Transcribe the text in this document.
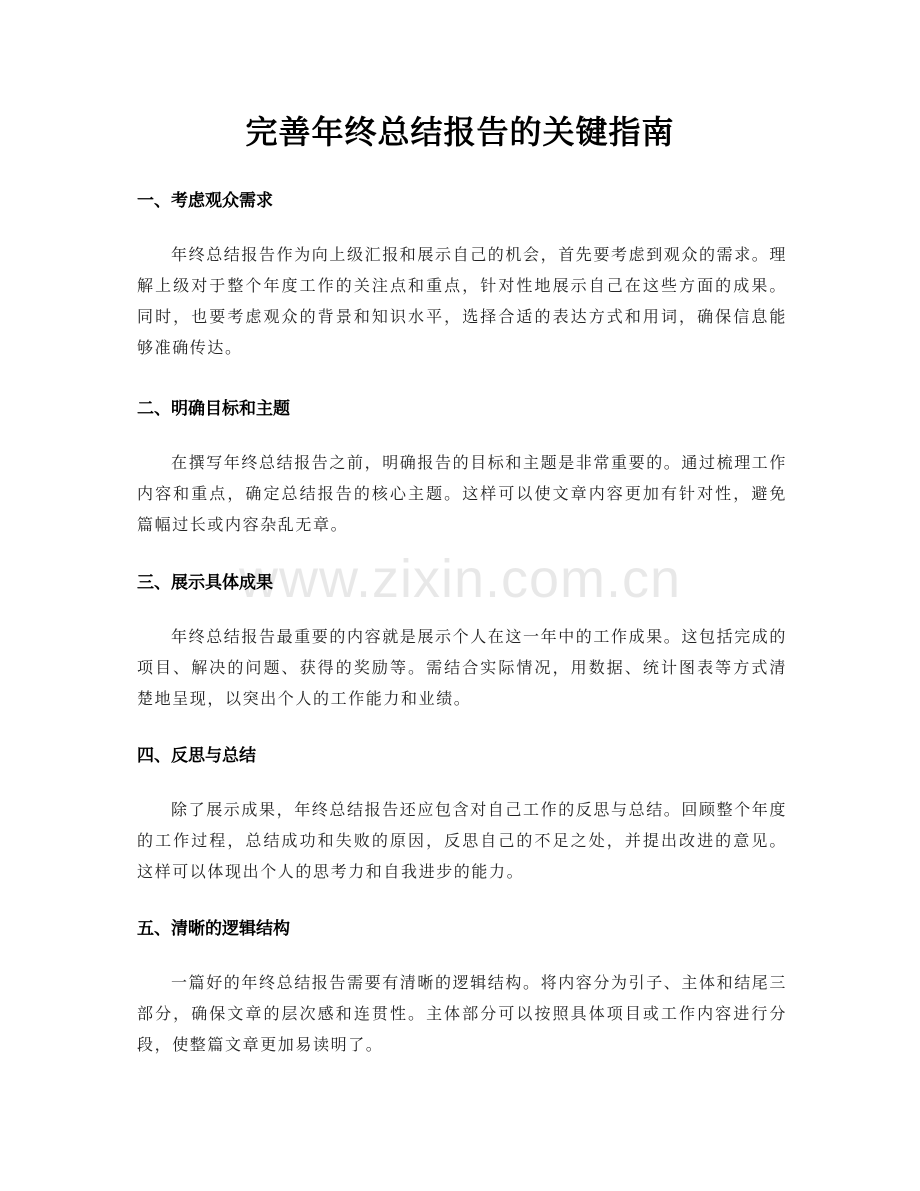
完善年终总结报告的关键指南
一、考虑观众需求

年终总结报告作为向上级汇报和展示自己的机会，首先要考虑到观众的需求。理解上级对于整个年度工作的关注点和重点，针对性地展示自己在这些方面的成果。同时，也要考虑观众的背景和知识水平，选择合适的表达方式和用词，确保信息能够准确传达。

二、明确目标和主题

在撰写年终总结报告之前，明确报告的目标和主题是非常重要的。通过梳理工作内容和重点，确定总结报告的核心主题。这样可以使文章内容更加有针对性，避免篇幅过长或内容杂乱无章。

三、展示具体成果

年终总结报告最重要的内容就是展示个人在这一年中的工作成果。这包括完成的项目、解决的问题、获得的奖励等。需结合实际情况，用数据、统计图表等方式清楚地呈现，以突出个人的工作能力和业绩。

四、反思与总结

除了展示成果，年终总结报告还应包含对自己工作的反思与总结。回顾整个年度的工作过程，总结成功和失败的原因，反思自己的不足之处，并提出改进的意见。这样可以体现出个人的思考力和自我进步的能力。

五、清晰的逻辑结构

一篇好的年终总结报告需要有清晰的逻辑结构。将内容分为引子、主体和结尾三部分，确保文章的层次感和连贯性。主体部分可以按照具体项目或工作内容进行分段，使整篇文章更加易读明了。

www.zixin.com.cn
